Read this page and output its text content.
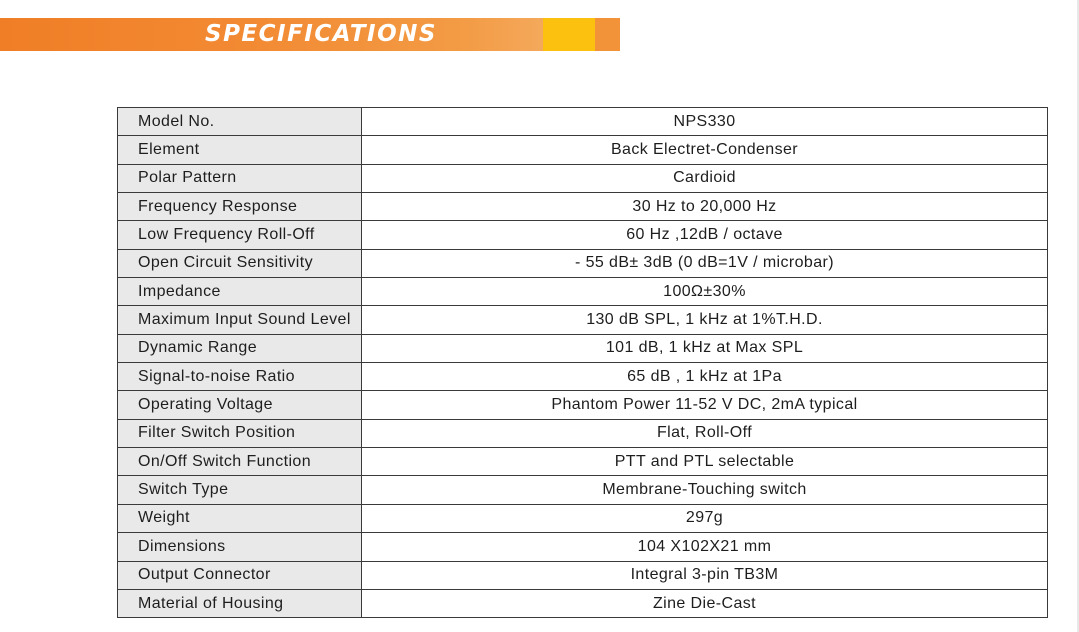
SPECIFICATIONS
Model No.	NPS330
Element	Back Electret-Condenser
Polar Pattern	Cardioid
Frequency Response	30 Hz to 20,000 Hz
Low Frequency Roll-Off	60 Hz ,12dB / octave
Open Circuit Sensitivity	- 55 dB± 3dB (0 dB=1V / microbar)
Impedance	100Ω±30%
Maximum Input Sound Level	130 dB SPL, 1 kHz at 1%T.H.D.
Dynamic Range	101 dB, 1 kHz at Max SPL
Signal-to-noise Ratio	65 dB , 1 kHz at 1Pa
Operating Voltage	Phantom Power 11-52 V DC, 2mA typical
Filter Switch Position	Flat, Roll-Off
On/Off Switch Function	PTT and PTL selectable
Switch Type	Membrane-Touching switch
Weight	297g
Dimensions	104 X102X21 mm
Output Connector	Integral 3-pin TB3M
Material of Housing	Zine Die-Cast
